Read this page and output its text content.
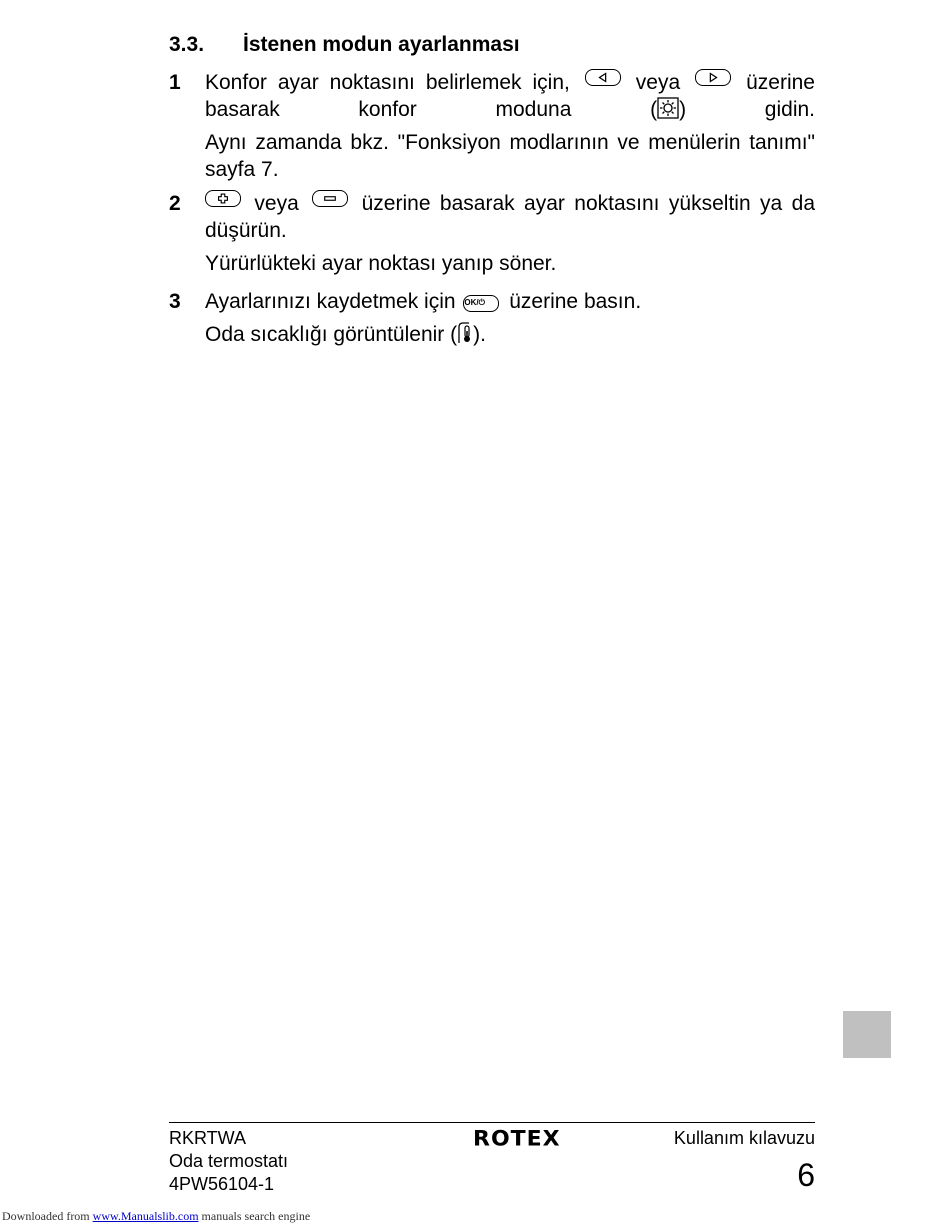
3.3. İstenen modun ayarlanması
1 Konfor ayar noktasını belirlemek için,	veya	üzerine basarak konfor moduna ( ) gidin.

Aynı zamanda bkz. "Fonksiyon modlarının ve menülerin tanımı" sayfa 7.

2	veya	üzerine basarak ayar noktasını yükseltin ya da düşürün.

Yürürlükteki ayar noktası yanıp söner.

3 Ayarlarınızı kaydetmek için OK/⏻ üzerine basın.

Oda sıcaklığı görüntülenir ( ).

RKRTWA
Oda termostatı
4PW56104-1
ROTEX	Kullanım kılavuzu
6
Downloaded from www.Manualslib.com manuals search engine
